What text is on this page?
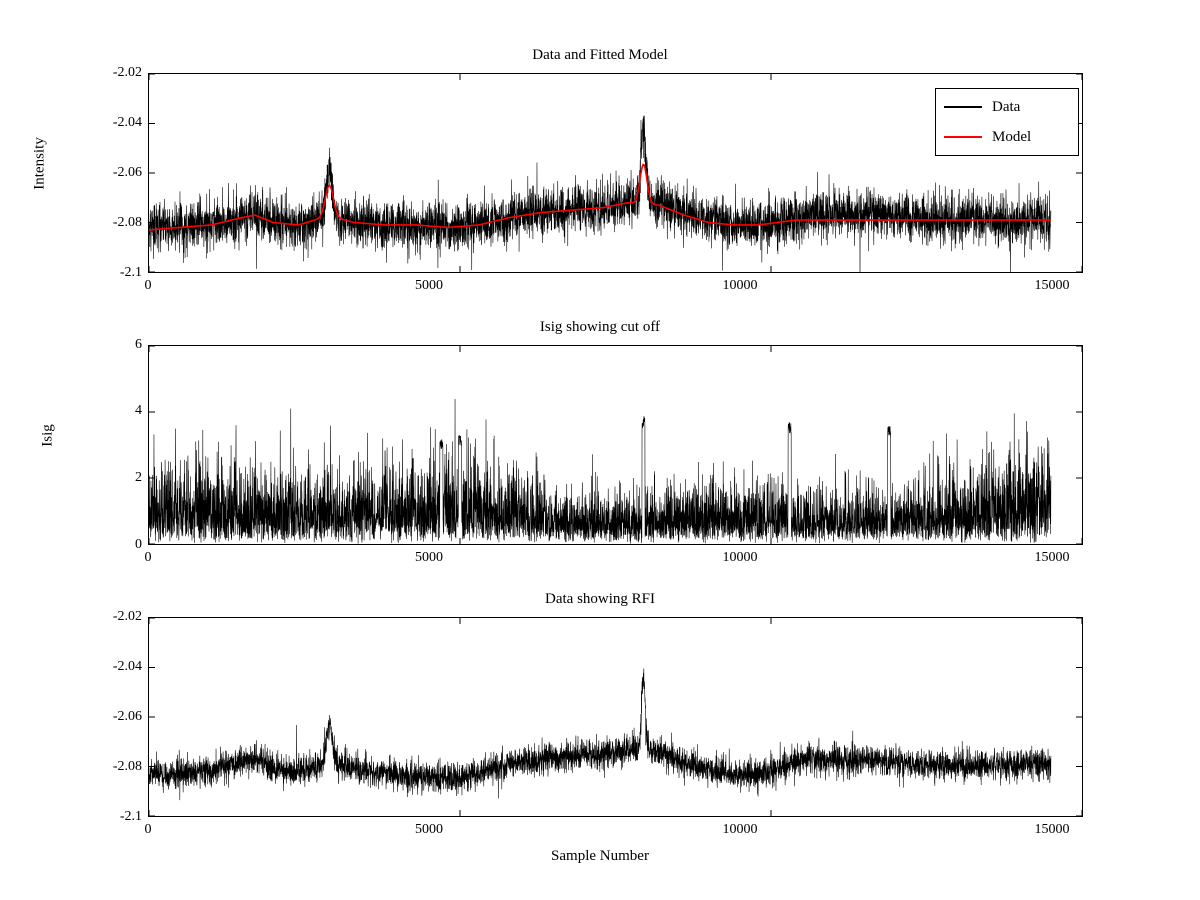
Data and Fitted Model
Intensity
-2.02
-2.04
-2.06
-2.08
-2.1
0	5000	10000	15000
Data
Model
Isig showing cut off
Isig
6
4
2
0
0	5000	10000	15000
Data showing RFI
-2.02
-2.04
-2.06
-2.08
-2.1
0	5000	10000	15000
Sample Number
